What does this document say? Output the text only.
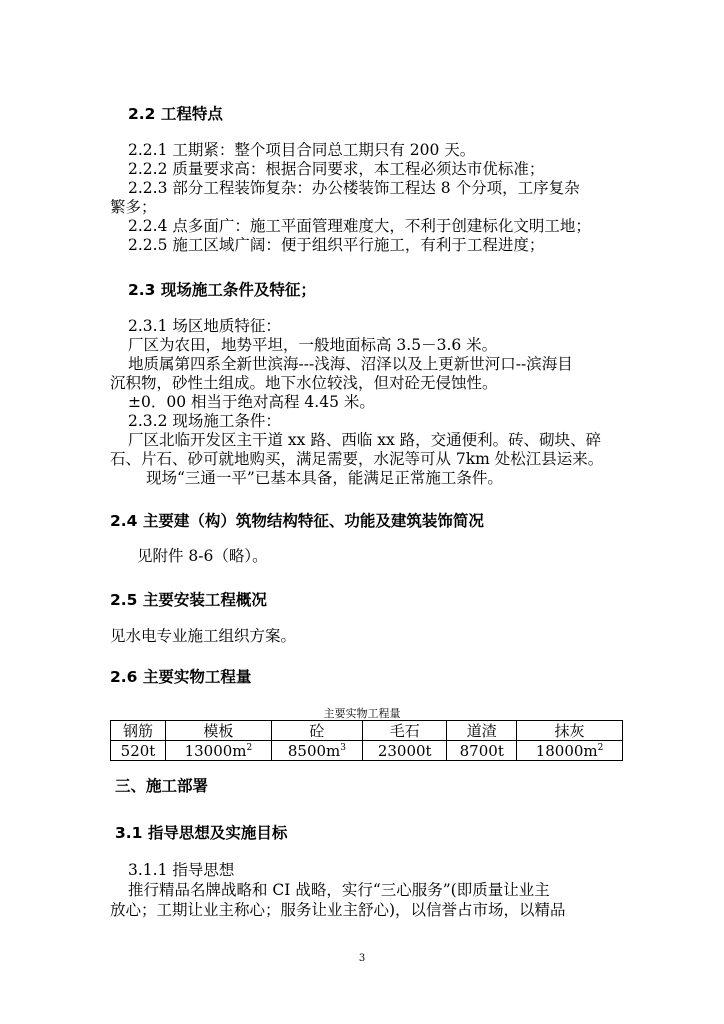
2.2 工程特点
2.2.1 工期紧：整个项目合同总工期只有 200 天。
2.2.2 质量要求高：根据合同要求，本工程必须达市优标准；
2.2.3 部分工程装饰复杂：办公楼装饰工程达 8 个分项，工序复杂
繁多；
2.2.4 点多面广：施工平面管理难度大，不利于创建标化文明工地；
2.2.5 施工区域广阔：便于组织平行施工，有利于工程进度；
2.3 现场施工条件及特征；
2.3.1 场区地质特征：
厂区为农田，地势平坦，一般地面标高 3.5－3.6 米。
地质属第四系全新世滨海---浅海、沼泽以及上更新世河口--滨海目
沉积物，砂性土组成。地下水位较浅，但对砼无侵蚀性。
±0．00 相当于绝对高程 4.45 米。
2.3.2 现场施工条件：
厂区北临开发区主干道 xx 路、西临 xx 路，交通便利。砖、砌块、碎
石、片石、砂可就地购买，满足需要，水泥等可从 7km 处松江县运来。
现场“三通一平”已基本具备，能满足正常施工条件。
2.4 主要建（构）筑物结构特征、功能及建筑装饰简况
见附件 8-6（略）。
2.5 主要安装工程概况
见水电专业施工组织方案。
2.6 主要实物工程量
主要实物工程量
钢筋	模板	砼	毛石	道渣	抹灰
520t	$13000m^2$	$8500m^3$	23000t	8700t	$18000m^2$
三、施工部署
3.1 指导思想及实施目标
3.1.1 指导思想
推行精品名牌战略和 CI 战略，实行“三心服务”(即质量让业主
放心；工期让业主称心；服务让业主舒心)，以信誉占市场，以精品
3
